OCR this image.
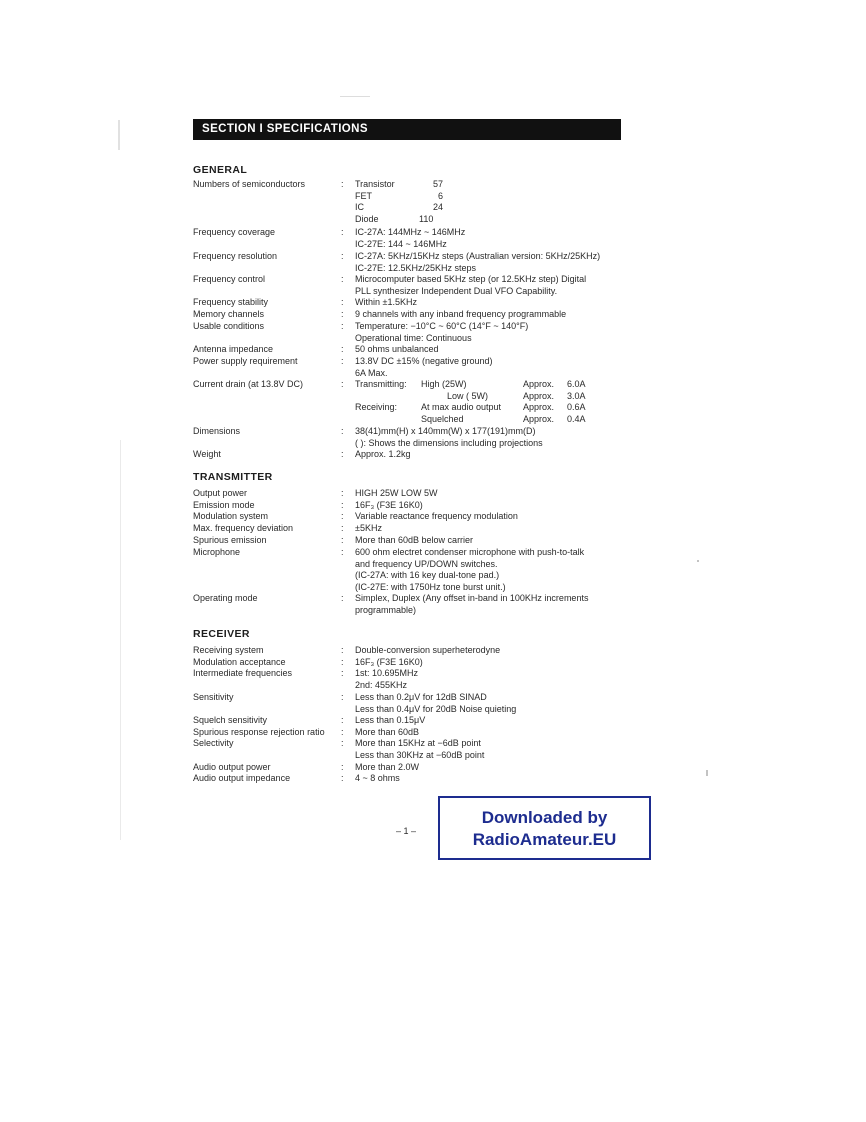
SECTION I SPECIFICATIONS
GENERAL
Numbers of semiconductors	: Transistor	57
FET	6
IC	24
Diode	110
Frequency coverage	: IC-27A: 144MHz ~ 146MHz
IC-27E: 144 ~ 146MHz
Frequency resolution	: IC-27A: 5KHz/15KHz steps (Australian version: 5KHz/25KHz)
IC-27E: 12.5KHz/25KHz steps
Frequency control	: Microcomputer based 5KHz step (or 12.5KHz step) Digital
PLL synthesizer Independent Dual VFO Capability.
Frequency stability	: Within ±1.5KHz
Memory channels	: 9 channels with any inband frequency programmable
Usable conditions	: Temperature: −10°C ~ 60°C (14°F ~ 140°F)
Operational time: Continuous
Antenna impedance	: 50 ohms unbalanced
Power supply requirement	: 13.8V DC ±15% (negative ground)
6A Max.
Current drain (at 13.8V DC)	: Transmitting: High (25W)	Approx. 6.0A
Low ( 5W)	Approx. 3.0A
Receiving:	At max audio output Approx. 0.6A
Squelched	Approx. 0.4A
Dimensions	: 38(41)mm(H) x 140mm(W) x 177(191)mm(D)
( ): Shows the dimensions including projections
Weight	: Approx. 1.2kg
TRANSMITTER
Output power	: HIGH 25W LOW 5W
Emission mode	: 16F₃ (F3E 16K0)
Modulation system	: Variable reactance frequency modulation
Max. frequency deviation	: ±5KHz
Spurious emission	: More than 60dB below carrier
Microphone	: 600 ohm electret condenser microphone with push-to-talk
and frequency UP/DOWN switches.
(IC-27A: with 16 key dual-tone pad.)
(IC-27E: with 1750Hz tone burst unit.)
Operating mode	: Simplex, Duplex (Any offset in-band in 100KHz increments
programmable)
RECEIVER
Receiving system	: Double-conversion superheterodyne
Modulation acceptance	: 16F₃ (F3E 16K0)
Intermediate frequencies	: 1st: 10.695MHz
2nd: 455KHz
Sensitivity	: Less than 0.2μV for 12dB SINAD
Less than 0.4μV for 20dB Noise quieting
Squelch sensitivity	: Less than 0.15μV
Spurious response rejection ratio	: More than 60dB
Selectivity	: More than 15KHz at −6dB point
Less than 30KHz at −60dB point
Audio output power	: More than 2.0W
Audio output impedance	: 4 ~ 8 ohms
– 1 –
Downloaded by
RadioAmateur.EU
